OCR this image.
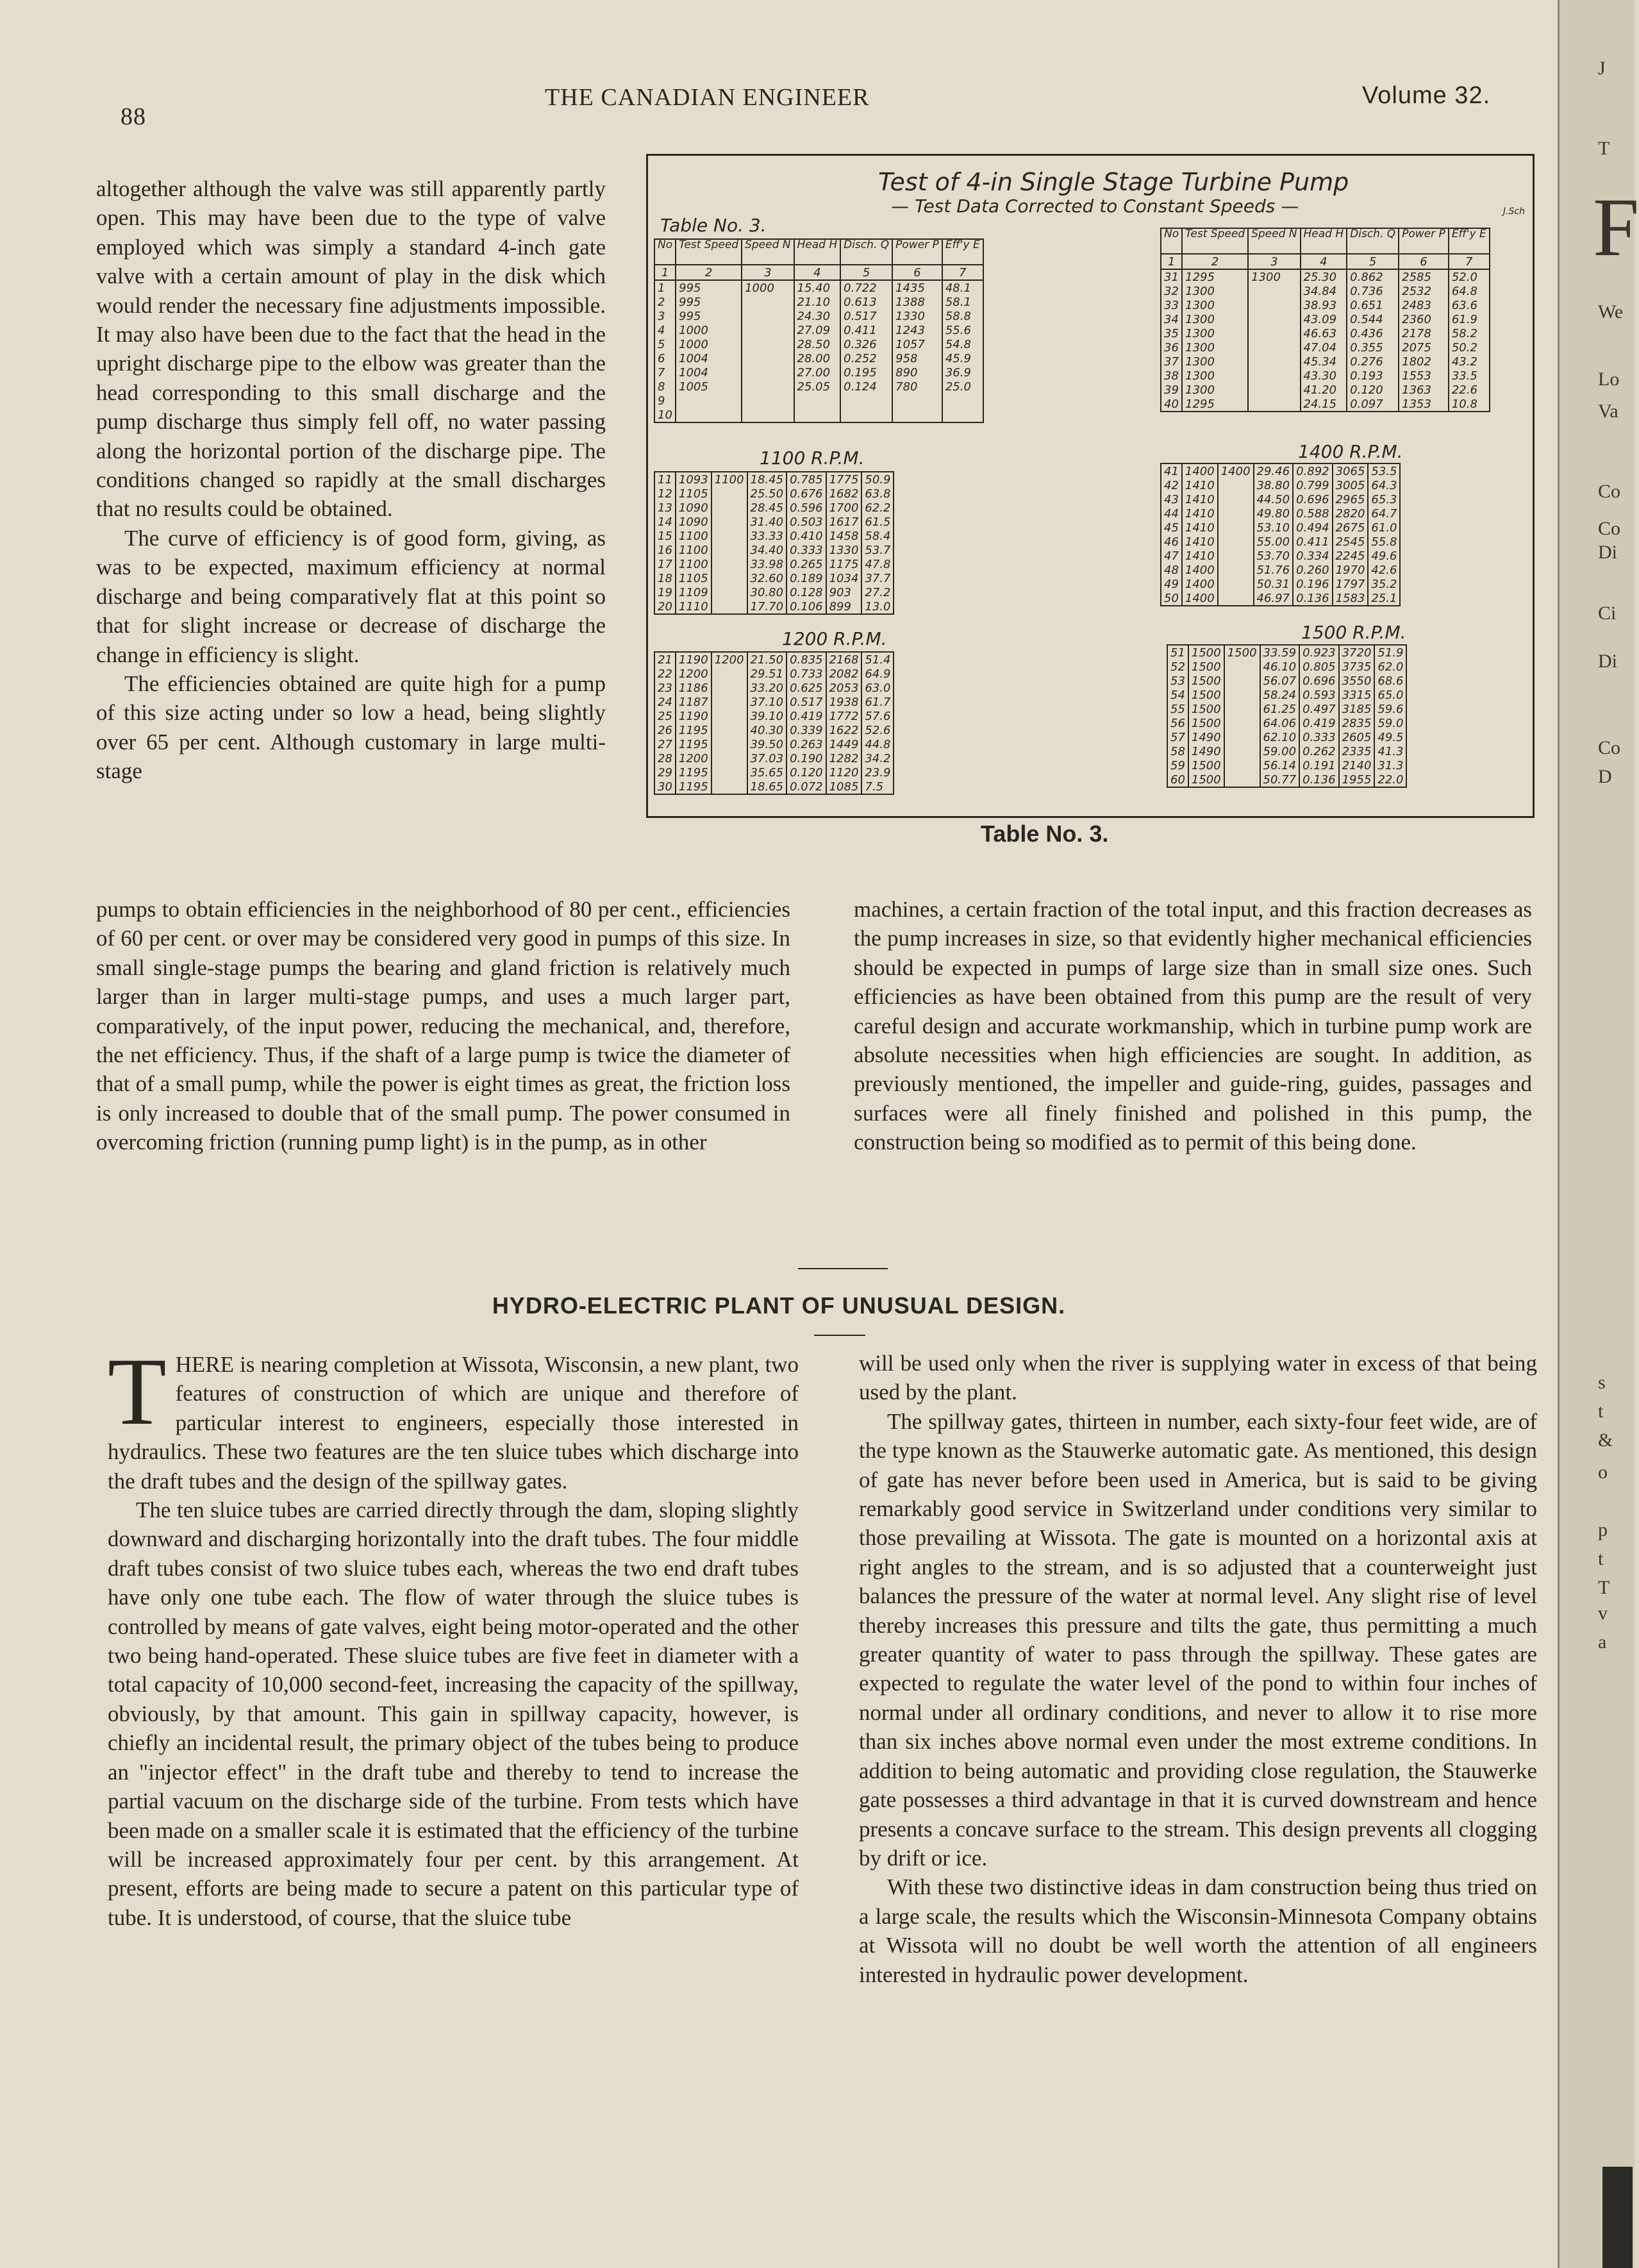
88
THE CANADIAN ENGINEER	Volume 32.

altogether although the valve was still apparently partly open. This may have been due to the type of valve employed which was simply a standard 4-inch gate valve with a certain amount of play in the disk which would render the necessary fine adjustments impossible. It may also have been due to the fact that the head in the upright discharge pipe to the elbow was greater than the head corresponding to this small discharge and the pump discharge thus simply fell off, no water passing along the horizontal portion of the discharge pipe. The conditions changed so rapidly at the small discharges that no results could be obtained.

The curve of efficiency is of good form, giving, as was to be expected, maximum efficiency at normal discharge and being comparatively flat at this point so that for slight increase or decrease of discharge the change in efficiency is slight.

The efficiencies obtained are quite high for a pump of this size acting under so low a head, being slightly over 65 per cent. Although customary in large multi-stage

Test of 4-in Single Stage Turbine Pump
— Test Data Corrected to Constant Speeds —
Table No. 3.
J.Sch
No	Test Speed	Speed N	Head H	Disch. Q	Power P	Eff'y E
1	2	3	4	5	6	7
1	995	1000	15.40	0.722	1435	48.1
2	995		21.10	0.613	1388	58.1
3	995		24.30	0.517	1330	58.8
4	1000		27.09	0.411	1243	55.6
5	1000		28.50	0.326	1057	54.8
6	1004		28.00	0.252	958	45.9
7	1004		27.00	0.195	890	36.9
8	1005		25.05	0.124	780	25.0
9						
10						
No	Test Speed	Speed N	Head H	Disch. Q	Power P	Eff'y E
1	2	3	4	5	6	7
31	1295	1300	25.30	0.862	2585	52.0
32	1300		34.84	0.736	2532	64.8
33	1300		38.93	0.651	2483	63.6
34	1300		43.09	0.544	2360	61.9
35	1300		46.63	0.436	2178	58.2
36	1300		47.04	0.355	2075	50.2
37	1300		45.34	0.276	1802	43.2
38	1300		43.30	0.193	1553	33.5
39	1300		41.20	0.120	1363	22.6
40	1295		24.15	0.097	1353	10.8
1100 R.P.M.
11	1093	1100	18.45	0.785	1775	50.9
12	1105		25.50	0.676	1682	63.8
13	1090		28.45	0.596	1700	62.2
14	1090		31.40	0.503	1617	61.5
15	1100		33.33	0.410	1458	58.4
16	1100		34.40	0.333	1330	53.7
17	1100		33.98	0.265	1175	47.8
18	1105		32.60	0.189	1034	37.7
19	1109		30.80	0.128	903	27.2
20	1110		17.70	0.106	899	13.0
1400 R.P.M.
41	1400	1400	29.46	0.892	3065	53.5
42	1410		38.80	0.799	3005	64.3
43	1410		44.50	0.696	2965	65.3
44	1410		49.80	0.588	2820	64.7
45	1410		53.10	0.494	2675	61.0
46	1410		55.00	0.411	2545	55.8
47	1410		53.70	0.334	2245	49.6
48	1400		51.76	0.260	1970	42.6
49	1400		50.31	0.196	1797	35.2
50	1400		46.97	0.136	1583	25.1
1200 R.P.M.
21	1190	1200	21.50	0.835	2168	51.4
22	1200		29.51	0.733	2082	64.9
23	1186		33.20	0.625	2053	63.0
24	1187		37.10	0.517	1938	61.7
25	1190		39.10	0.419	1772	57.6
26	1195		40.30	0.339	1622	52.6
27	1195		39.50	0.263	1449	44.8
28	1200		37.03	0.190	1282	34.2
29	1195		35.65	0.120	1120	23.9
30	1195		18.65	0.072	1085	7.5
1500 R.P.M.
51	1500	1500	33.59	0.923	3720	51.9
52	1500		46.10	0.805	3735	62.0
53	1500		56.07	0.696	3550	68.6
54	1500		58.24	0.593	3315	65.0
55	1500		61.25	0.497	3185	59.6
56	1500		64.06	0.419	2835	59.0
57	1490		62.10	0.333	2605	49.5
58	1490		59.00	0.262	2335	41.3
59	1500		56.14	0.191	2140	31.3
60	1500		50.77	0.136	1955	22.0
Table No. 3.

pumps to obtain efficiencies in the neighborhood of 80 per cent., efficiencies of 60 per cent. or over may be considered very good in pumps of this size. In small single-stage pumps the bearing and gland friction is relatively much larger than in larger multi-stage pumps, and uses a much larger part, comparatively, of the input power, reducing the mechanical, and, therefore, the net efficiency. Thus, if the shaft of a large pump is twice the diameter of that of a small pump, while the power is eight times as great, the friction loss is only increased to double that of the small pump. The power consumed in overcoming friction (running pump light) is in the pump, as in other

machines, a certain fraction of the total input, and this fraction decreases as the pump increases in size, so that evidently higher mechanical efficiencies should be expected in pumps of large size than in small size ones. Such efficiencies as have been obtained from this pump are the result of very careful design and accurate workmanship, which in turbine pump work are absolute necessities when high efficiencies are sought. In addition, as previously mentioned, the impeller and guide-ring, guides, passages and surfaces were all finely finished and polished in this pump, the construction being so modified as to permit of this being done.

HYDRO-ELECTRIC PLANT OF UNUSUAL DESIGN.

THERE is nearing completion at Wissota, Wisconsin, a new plant, two features of construction of which are unique and therefore of particular interest to engineers, especially those interested in hydraulics. These two features are the ten sluice tubes which discharge into the draft tubes and the design of the spillway gates.

The ten sluice tubes are carried directly through the dam, sloping slightly downward and discharging horizontally into the draft tubes. The four middle draft tubes consist of two sluice tubes each, whereas the two end draft tubes have only one tube each. The flow of water through the sluice tubes is controlled by means of gate valves, eight being motor-operated and the other two being hand-operated. These sluice tubes are five feet in diameter with a total capacity of 10,000 second-feet, increasing the capacity of the spillway, obviously, by that amount. This gain in spillway capacity, however, is chiefly an incidental result, the primary object of the tubes being to produce an "injector effect" in the draft tube and thereby to tend to increase the partial vacuum on the discharge side of the turbine. From tests which have been made on a smaller scale it is estimated that the efficiency of the turbine will be increased approximately four per cent. by this arrangement. At present, efforts are being made to secure a patent on this particular type of tube. It is understood, of course, that the sluice tube

will be used only when the river is supplying water in excess of that being used by the plant.

The spillway gates, thirteen in number, each sixty-four feet wide, are of the type known as the Stauwerke automatic gate. As mentioned, this design of gate has never before been used in America, but is said to be giving remarkably good service in Switzerland under conditions very similar to those prevailing at Wissota. The gate is mounted on a horizontal axis at right angles to the stream, and is so adjusted that a counterweight just balances the pressure of the water at normal level. Any slight rise of level thereby increases this pressure and tilts the gate, thus permitting a much greater quantity of water to pass through the spillway. These gates are expected to regulate the water level of the pond to within four inches of normal under all ordinary conditions, and never to allow it to rise more than six inches above normal even under the most extreme conditions. In addition to being automatic and providing close regulation, the Stauwerke gate possesses a third advantage in that it is curved downstream and hence presents a concave surface to the stream. This design prevents all clogging by drift or ice.

With these two distinctive ideas in dam construction being thus tried on a large scale, the results which the Wisconsin-Minnesota Company obtains at Wissota will no doubt be well worth the attention of all engineers interested in hydraulic power development.

J
T
F
We
Lo
Va
Co
Co
Di
Ci
Di
Co
D
s
t
&
o
p
t
T
v
a
